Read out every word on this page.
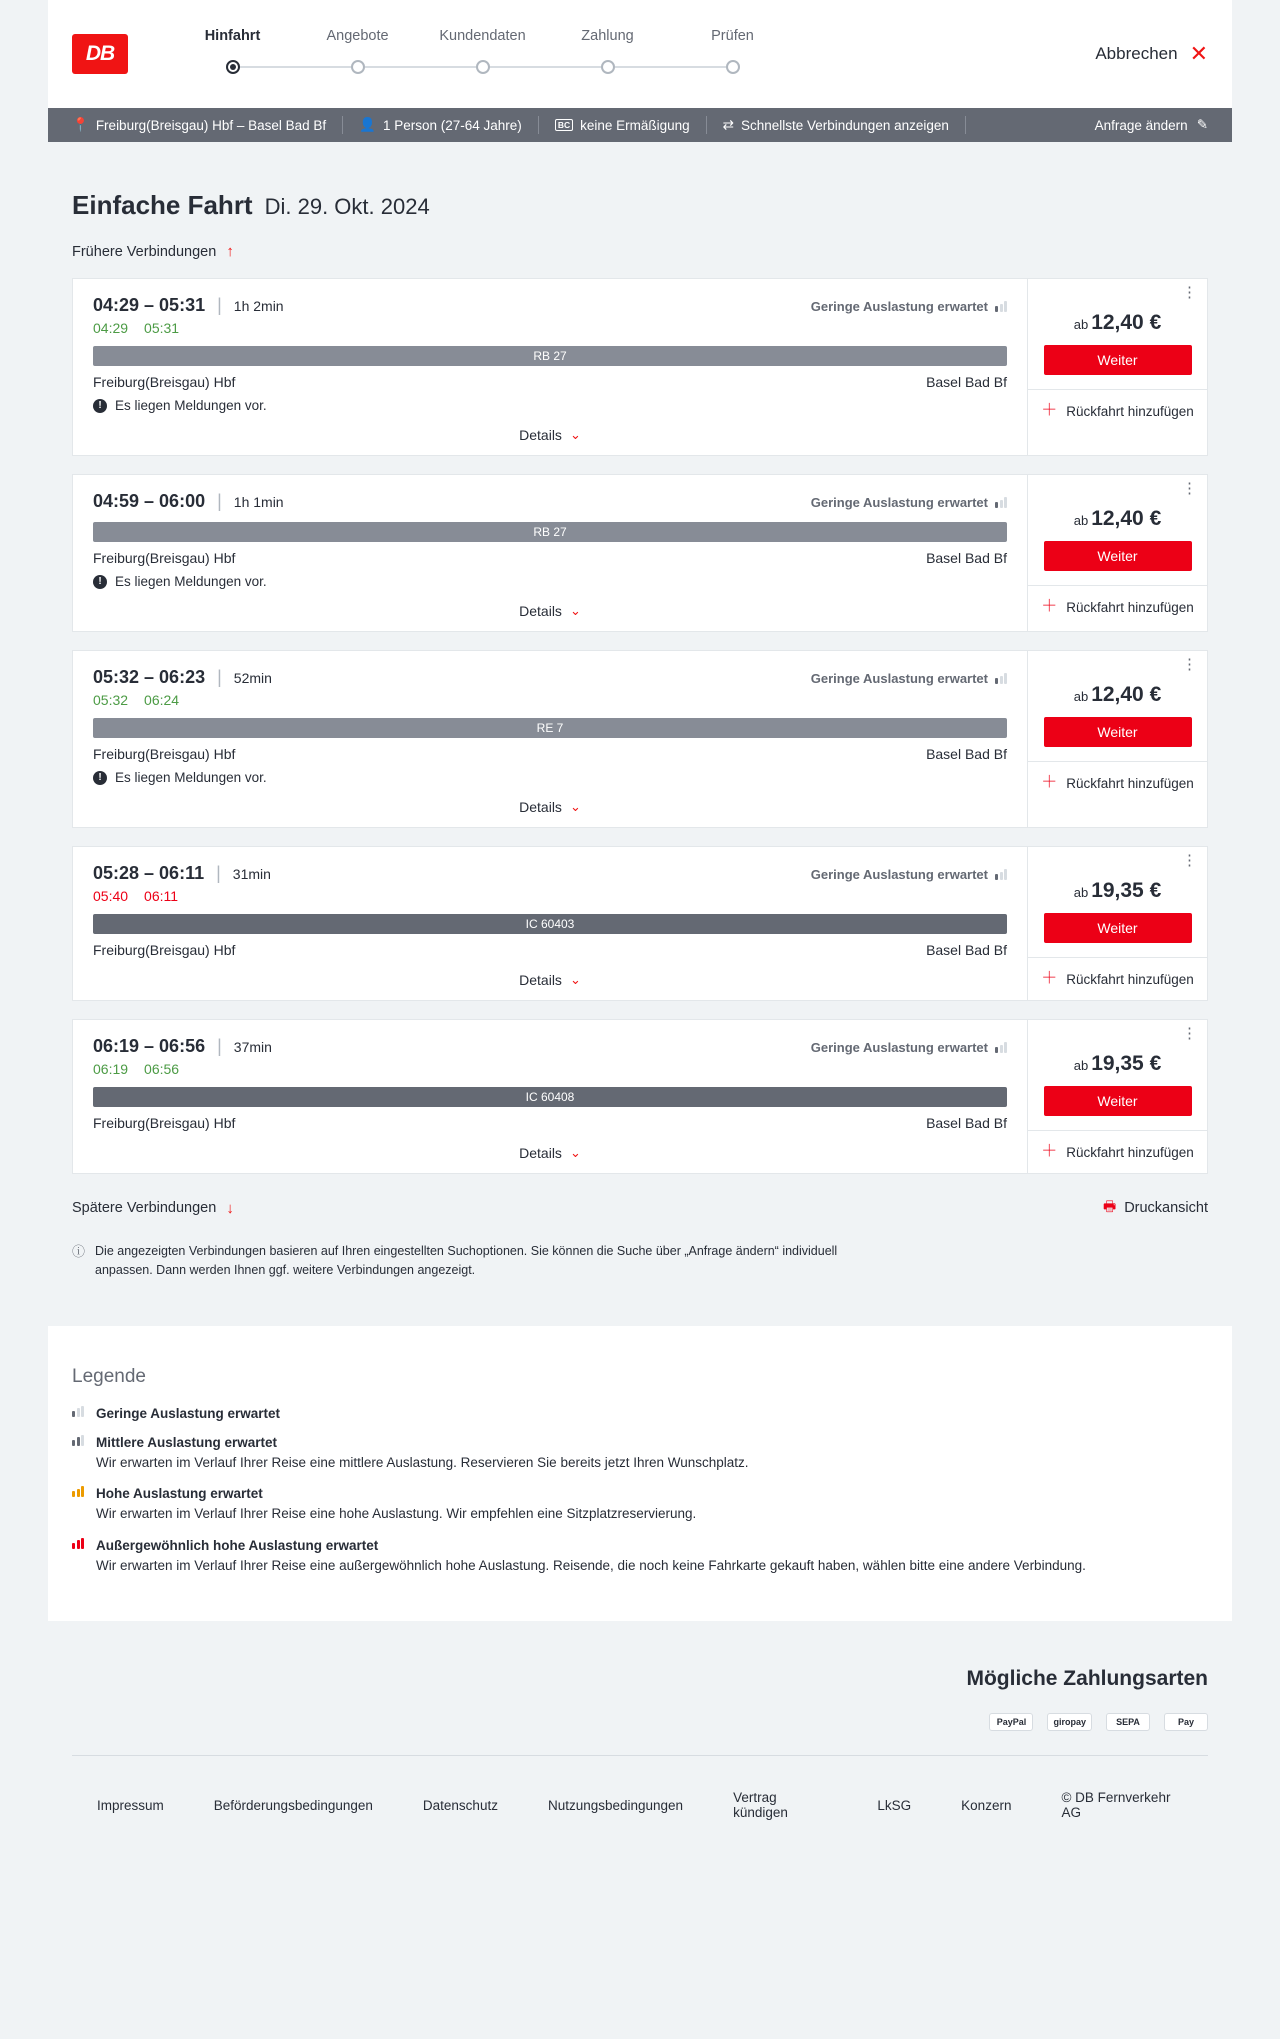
DB
Hinfahrt	Angebote	Kundendaten	Zahlung	Prüfen
Abbrechen ✕
📍 Freiburg(Breisgau) Hbf – Basel Bad Bf 👤 1 Person (27-64 Jahre)	BC keine Ermäßigung ⇄ Schnellste Verbindungen anzeigen	Anfrage ändern ✎
Einfache Fahrt Di. 29. Okt. 2024
Frühere Verbindungen ↑
04:29 – 05:31 | 1h 2min	Geringe Auslastung erwartet
04:29 05:31
RB 27
Freiburg(Breisgau) Hbf	Basel Bad Bf
! Es liegen Meldungen vor.
Details ⌄
⋮
ab 12,40 €
Weiter
＋ Rückfahrt hinzufügen
04:59 – 06:00 | 1h 1min	Geringe Auslastung erwartet
RB 27
Freiburg(Breisgau) Hbf	Basel Bad Bf
! Es liegen Meldungen vor.
Details ⌄
⋮
ab 12,40 €
Weiter
＋ Rückfahrt hinzufügen
05:32 – 06:23 | 52min	Geringe Auslastung erwartet
05:32 06:24
RE 7
Freiburg(Breisgau) Hbf	Basel Bad Bf
! Es liegen Meldungen vor.
Details ⌄
⋮
ab 12,40 €
Weiter
＋ Rückfahrt hinzufügen
05:28 – 06:11 | 31min	Geringe Auslastung erwartet
05:40 06:11
IC 60403
Freiburg(Breisgau) Hbf	Basel Bad Bf
Details ⌄
⋮
ab 19,35 €
Weiter
＋ Rückfahrt hinzufügen
06:19 – 06:56 | 37min	Geringe Auslastung erwartet
06:19 06:56
IC 60408
Freiburg(Breisgau) Hbf	Basel Bad Bf
Details ⌄
⋮
ab 19,35 €
Weiter
＋ Rückfahrt hinzufügen
Spätere Verbindungen ↓	🖶 Druckansicht
ⓘ Die angezeigten Verbindungen basieren auf Ihren eingestellten Suchoptionen. Sie können die Suche über „Anfrage ändern“ individuell anpassen. Dann werden Ihnen ggf. weitere Verbindungen angezeigt.
Legende
Geringe Auslastung erwartet
Mittlere Auslastung erwartet
Wir erwarten im Verlauf Ihrer Reise eine mittlere Auslastung. Reservieren Sie bereits jetzt Ihren Wunschplatz.
Hohe Auslastung erwartet
Wir erwarten im Verlauf Ihrer Reise eine hohe Auslastung. Wir empfehlen eine Sitzplatzreservierung.
Außergewöhnlich hohe Auslastung erwartet
Wir erwarten im Verlauf Ihrer Reise eine außergewöhnlich hohe Auslastung. Reisende, die noch keine Fahrkarte gekauft haben, wählen bitte eine andere Verbindung.
Mögliche Zahlungsarten
PayPal	giropay	SEPA	Pay
Impressum	Beförderungsbedingungen	Datenschutz	Nutzungsbedingungen	Vertrag kündigen	LkSG	Konzern	© DB Fernverkehr AG
